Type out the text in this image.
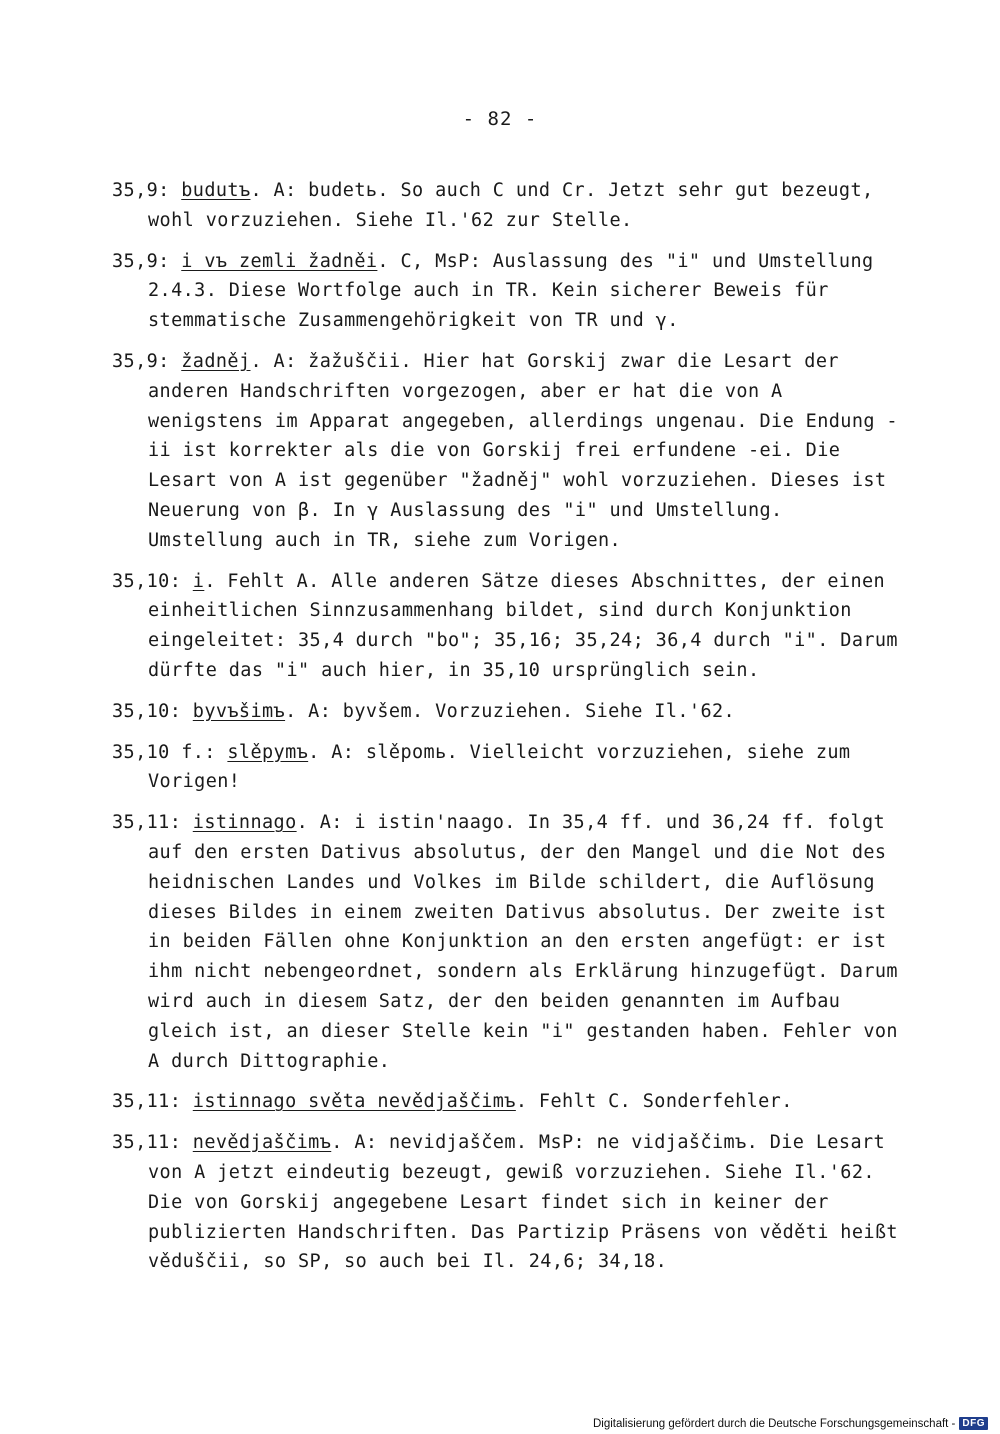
- 82 -

35,9: budutъ. A: budetь. So auch C und Cr. Jetzt sehr gut bezeugt, wohl vorzuziehen. Siehe Il.'62 zur Stelle.

35,9: i vъ zemli žadněi. C, MsP: Auslassung des "i" und Umstellung 2.4.3. Diese Wortfolge auch in TR. Kein sicherer Beweis für stemmatische Zusammengehörigkeit von TR und γ.

35,9: žadněj. A: žažuščii. Hier hat Gorskij zwar die Lesart der anderen Handschriften vorgezogen, aber er hat die von A wenigstens im Apparat angegeben, allerdings ungenau. Die Endung -ii ist korrekter als die von Gorskij frei erfundene -ei. Die Lesart von A ist gegenüber "žadněj" wohl vorzuziehen. Dieses ist Neuerung von β. In γ Auslassung des "i" und Umstellung. Umstellung auch in TR, siehe zum Vorigen.

35,10: i. Fehlt A. Alle anderen Sätze dieses Abschnittes, der einen einheitlichen Sinnzusammenhang bildet, sind durch Konjunktion eingeleitet: 35,4 durch "bo"; 35,16; 35,24; 36,4 durch "i". Darum dürfte das "i" auch hier, in 35,10 ursprünglich sein.

35,10: byvъšimъ. A: byvšem. Vorzuziehen. Siehe Il.'62.

35,10 f.: slěpymъ. A: slěpomь. Vielleicht vorzuziehen, siehe zum Vorigen!

35,11: istinnago. A: i istin'naago. In 35,4 ff. und 36,24 ff. folgt auf den ersten Dativus absolutus, der den Mangel und die Not des heidnischen Landes und Volkes im Bilde schildert, die Auflösung dieses Bildes in einem zweiten Dativus absolutus. Der zweite ist in beiden Fällen ohne Konjunktion an den ersten angefügt: er ist ihm nicht nebengeordnet, sondern als Erklärung hinzugefügt. Darum wird auch in diesem Satz, der den beiden genannten im Aufbau gleich ist, an dieser Stelle kein "i" gestanden haben. Fehler von A durch Dittographie.

35,11: istinnago světa nevědjaščimъ. Fehlt C. Sonderfehler.

35,11: nevědjaščimъ. A: nevidjaščem. MsP: ne vidjaščimъ. Die Lesart von A jetzt eindeutig bezeugt, gewiß vorzuziehen. Siehe Il.'62. Die von Gorskij angegebene Lesart findet sich in keiner der publizierten Handschriften. Das Partizip Präsens von věděti heißt věduščii, so SP, so auch bei Il. 24,6; 34,18.

Digitalisierung gefördert durch die Deutsche Forschungsgemeinschaft - DFG
